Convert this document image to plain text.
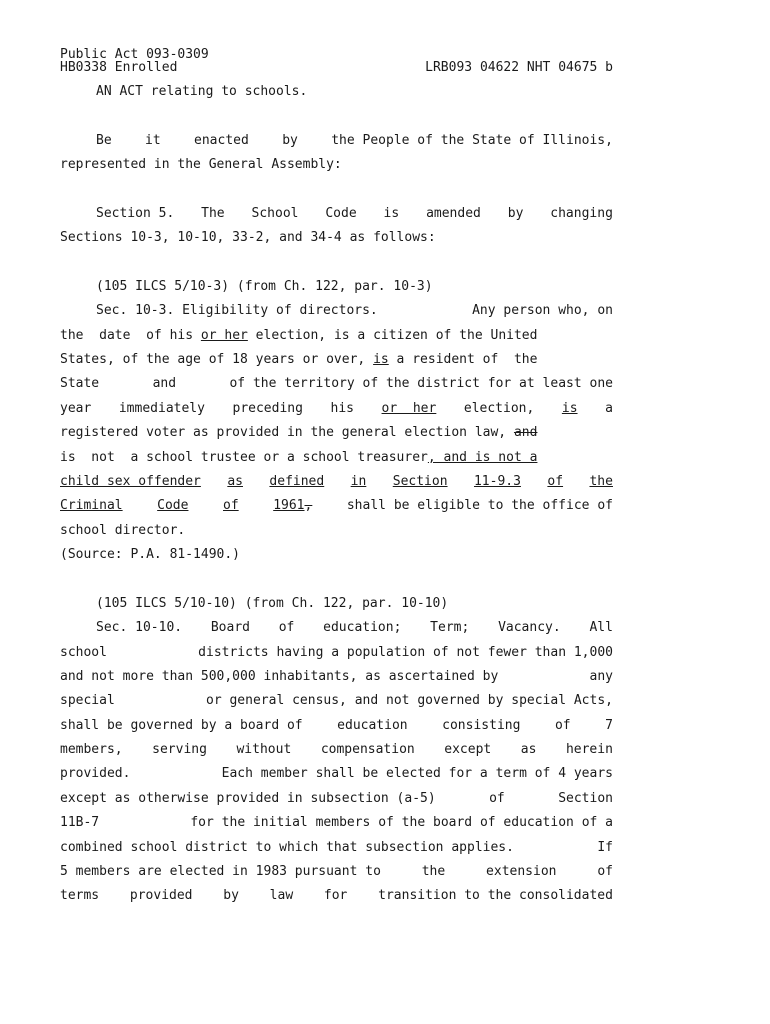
Public Act 093-0309
HB0338 Enrolled	LRB093 04622 NHT 04675 b
AN ACT relating to schools.
Be	it	enacted	by	the People of the State of Illinois,
represented in the General Assembly:
Section 5. The School Code is amended by changing
Sections 10-3, 10-10, 33-2, and 34-4 as follows:
(105 ILCS 5/10-3) (from Ch. 122, par. 10-3)
Sec. 10-3. Eligibility of directors.	Any person who, on
the  date  of his or her election, is a citizen of the United
States, of the age of 18 years or over, is a resident of  the
State	and	of the territory of the district for at least one
year immediately preceding his or  her election, is a
registered voter as provided in the general election law, and
is  not  a school trustee or a school treasurer, and is not a
child sex offender as defined in Section 11-9.3 of the
Criminal	Code	of	1961,	shall be eligible to the office of
school director.
(Source: P.A. 81-1490.)
(105 ILCS 5/10-10) (from Ch. 122, par. 10-10)
Sec. 10-10. Board of education; Term; Vacancy. All
school	districts having a population of not fewer than 1,000
and not more than 500,000 inhabitants, as ascertained by	any
special	or general census, and not governed by special Acts,
shall be governed by a board of	education	consisting	of	7
members, serving without compensation except as herein
provided.	Each member shall be elected for a term of 4 years
except as otherwise provided in subsection (a-5)	of	Section
11B-7	for the initial members of the board of education of a
combined school district to which that subsection applies.	If
5 members are elected in 1983 pursuant to	the	extension	of
terms provided by law for transition to the consolidated
